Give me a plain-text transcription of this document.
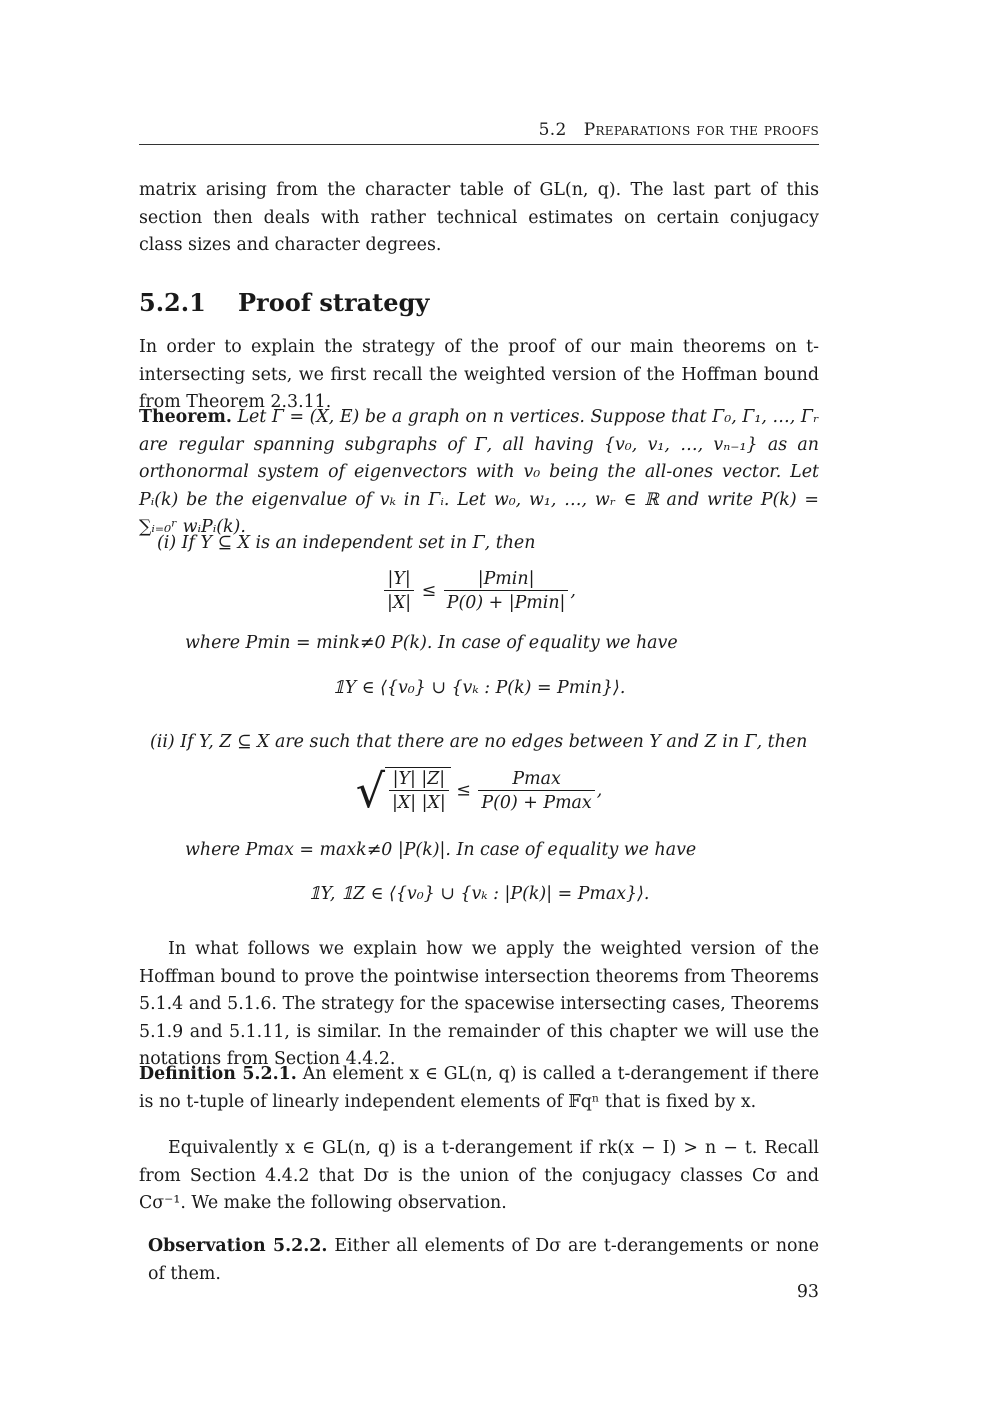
5.2 Preparations for the proofs
matrix arising from the character table of GL(n, q). The last part of this section then deals with rather technical estimates on certain conjugacy class sizes and character degrees.
5.2.1 Proof strategy
In order to explain the strategy of the proof of our main theorems on t-intersecting sets, we first recall the weighted version of the Hoffman bound from Theorem 2.3.11.
Theorem. Let Γ = (X, E) be a graph on n vertices. Suppose that Γ₀, Γ₁, …, Γᵣ are regular spanning subgraphs of Γ, all having {v₀, v₁, …, vₙ₋₁} as an orthonormal system of eigenvectors with v₀ being the all-ones vector. Let Pᵢ(k) be the eigenvalue of vₖ in Γᵢ. Let w₀, w₁, …, wᵣ ∈ ℝ and write P(k) = ∑ᵢ₌₀ʳ wᵢPᵢ(k).
(i) If Y ⊆ X is an independent set in Γ, then
$\frac{|Y|}{|X|} \le \frac{|Pmin|}{P(0) + |Pmin|}$ ,
where Pmin = mink≠0 P(k). In case of equality we have
𝟙Y ∈ ⟨{v₀} ∪ {vₖ : P(k) = Pmin}⟩.
(ii) If Y, Z ⊆ X are such that there are no edges between Y and Z in Γ, then
√ $\frac{|Y| |Z|}{|X| |X|} \le \frac{Pmax}{P(0) + Pmax}$ ,
where Pmax = maxk≠0 |P(k)|. In case of equality we have
𝟙Y, 𝟙Z ∈ ⟨{v₀} ∪ {vₖ : |P(k)| = Pmax}⟩.
In what follows we explain how we apply the weighted version of the Hoffman bound to prove the pointwise intersection theorems from Theorems 5.1.4 and 5.1.6. The strategy for the spacewise intersecting cases, Theorems 5.1.9 and 5.1.11, is similar. In the remainder of this chapter we will use the notations from Section 4.4.2.
Definition 5.2.1. An element x ∈ GL(n, q) is called a t-derangement if there is no t-tuple of linearly independent elements of 𝔽qⁿ that is fixed by x.
Equivalently x ∈ GL(n, q) is a t-derangement if rk(x − I) > n − t. Recall from Section 4.4.2 that Dσ is the union of the conjugacy classes Cσ and Cσ⁻¹. We make the following observation.
Observation 5.2.2. Either all elements of Dσ are t-derangements or none of them.
93
